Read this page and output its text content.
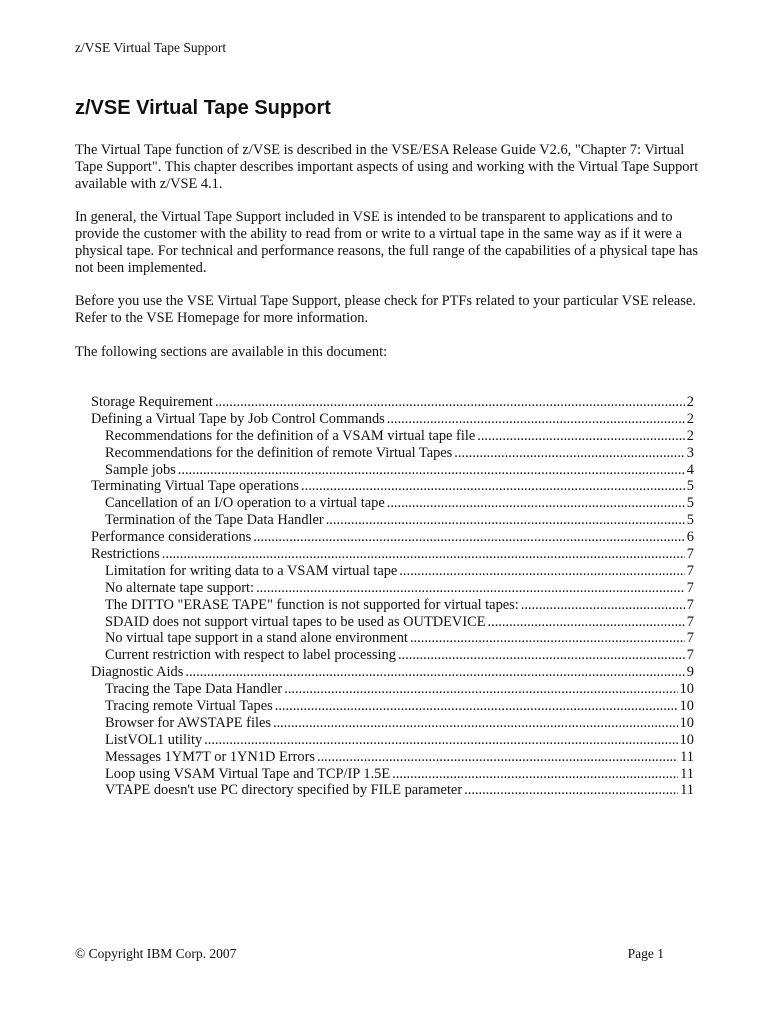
z/VSE Virtual Tape Support
z/VSE Virtual Tape Support

The Virtual Tape function of z/VSE is described in the VSE/ESA Release Guide V2.6, "Chapter 7: Virtual Tape Support". This chapter describes important aspects of using and working with the Virtual Tape Support available with z/VSE 4.1.

In general, the Virtual Tape Support included in VSE is intended to be transparent to applications and to provide the customer with the ability to read from or write to a virtual tape in the same way as if it were a physical tape. For technical and performance reasons, the full range of the capabilities of a physical tape has not been implemented.

Before you use the VSE Virtual Tape Support, please check for PTFs related to your particular VSE release. Refer to the VSE Homepage for more information.

The following sections are available in this document:

Storage Requirement .....	2
Defining a Virtual Tape by Job Control Commands .....	2
Recommendations for the definition of a VSAM virtual tape file .....	2
Recommendations for the definition of remote Virtual Tapes .....	3
Sample jobs .....	4
Terminating Virtual Tape operations .....	5
Cancellation of an I/O operation to a virtual tape .....	5
Termination of the Tape Data Handler .....	5
Performance considerations .....	6
Restrictions .....	7
Limitation for writing data to a VSAM virtual tape .....	7
No alternate tape support: .....	7
The DITTO "ERASE TAPE" function is not supported for virtual tapes: .....	7
SDAID does not support virtual tapes to be used as OUTDEVICE .....	7
No virtual tape support in a stand alone environment .....	7
Current restriction with respect to label processing .....	7
Diagnostic Aids .....	9
Tracing the Tape Data Handler .....	10
Tracing remote Virtual Tapes .....	10
Browser for AWSTAPE files .....	10
ListVOL1 utility .....	10
Messages 1YM7T or 1YN1D Errors .....	11
Loop using VSAM Virtual Tape and TCP/IP 1.5E .....	11
VTAPE doesn't use PC directory specified by FILE parameter .....	11
© Copyright IBM Corp. 2007	Page 1
